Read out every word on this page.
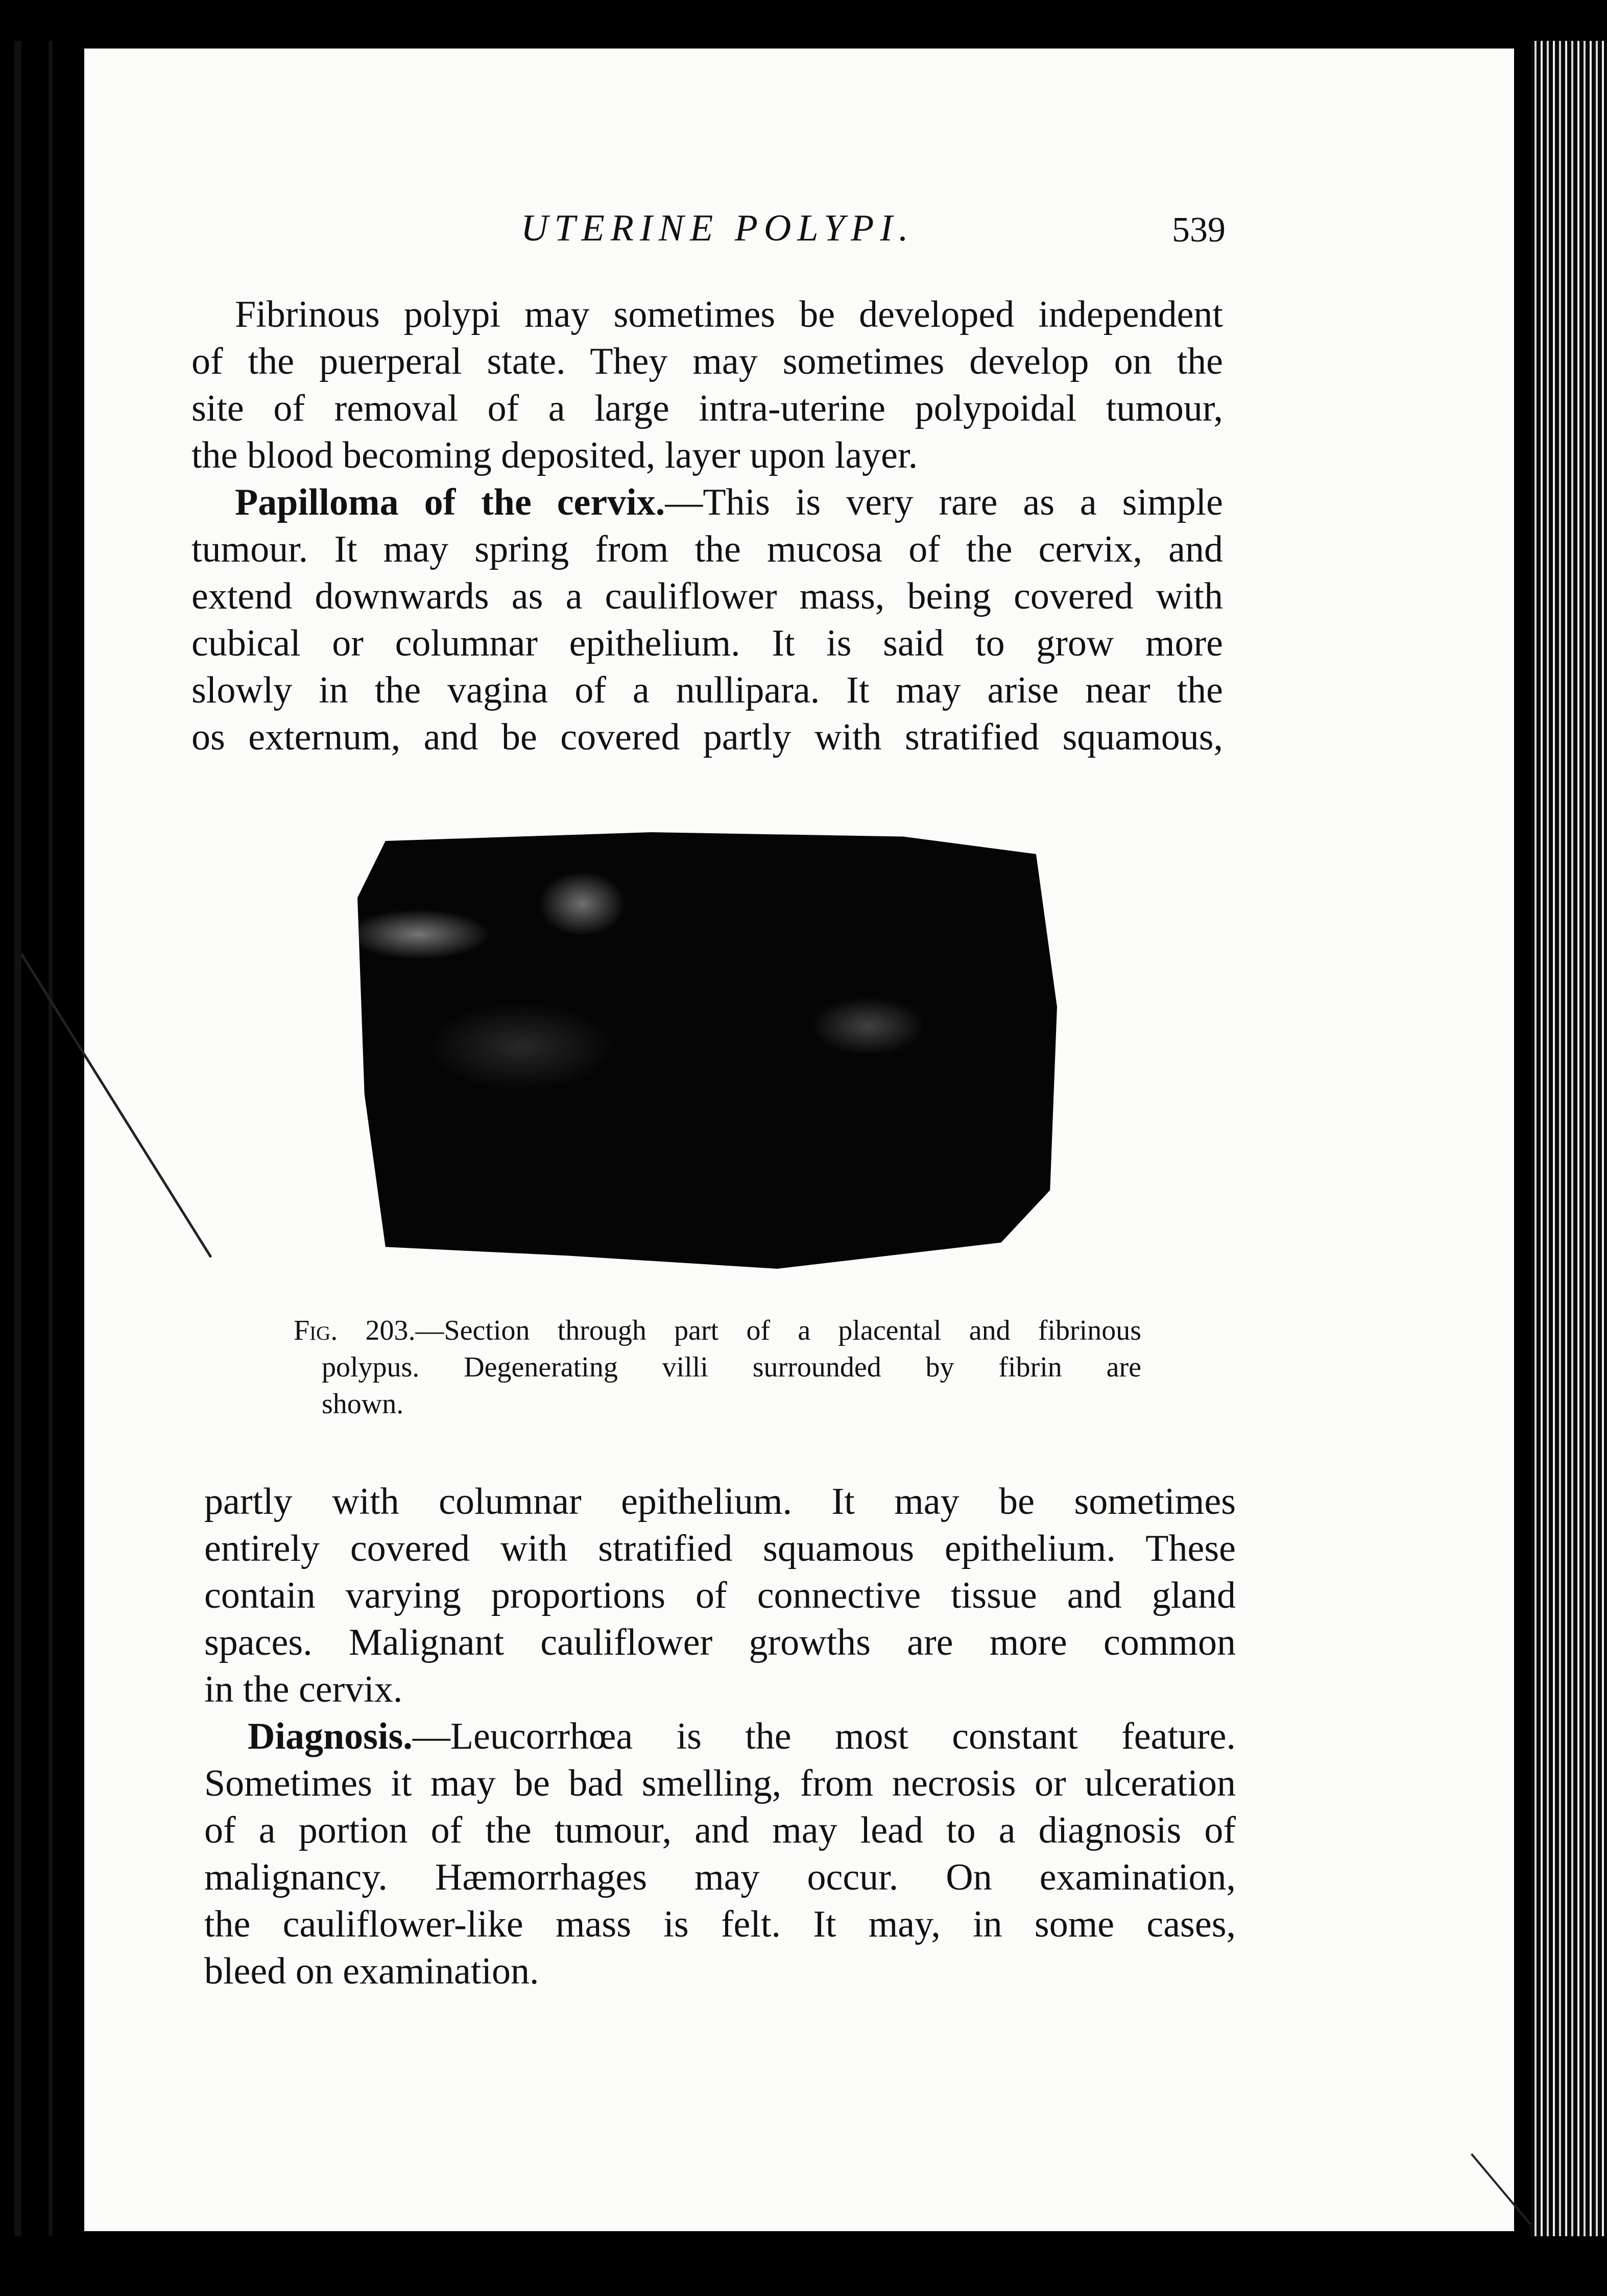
UTERINE POLYPI.	539
Fibrinous polypi may sometimes be developed independent
of the puerperal state. They may sometimes develop on the
site of removal of a large intra-uterine polypoidal tumour,
the blood becoming deposited, layer upon layer.
Papilloma of the cervix.—This is very rare as a simple
tumour. It may spring from the mucosa of the cervix, and
extend downwards as a cauliflower mass, being covered with
cubical or columnar epithelium. It is said to grow more
slowly in the vagina of a nullipara. It may arise near the
os externum, and be covered partly with stratified squamous,
Fig. 203.—Section through part of a placental and fibrinous
polypus. Degenerating villi surrounded by fibrin are
shown.
partly with columnar epithelium. It may be sometimes
entirely covered with stratified squamous epithelium. These
contain varying proportions of connective tissue and gland
spaces. Malignant cauliflower growths are more common
in the cervix.
Diagnosis.—Leucorrhœa is the most constant feature.
Sometimes it may be bad smelling, from necrosis or ulceration
of a portion of the tumour, and may lead to a diagnosis of
malignancy. Hæmorrhages may occur. On examination,
the cauliflower-like mass is felt. It may, in some cases,
bleed on examination.
